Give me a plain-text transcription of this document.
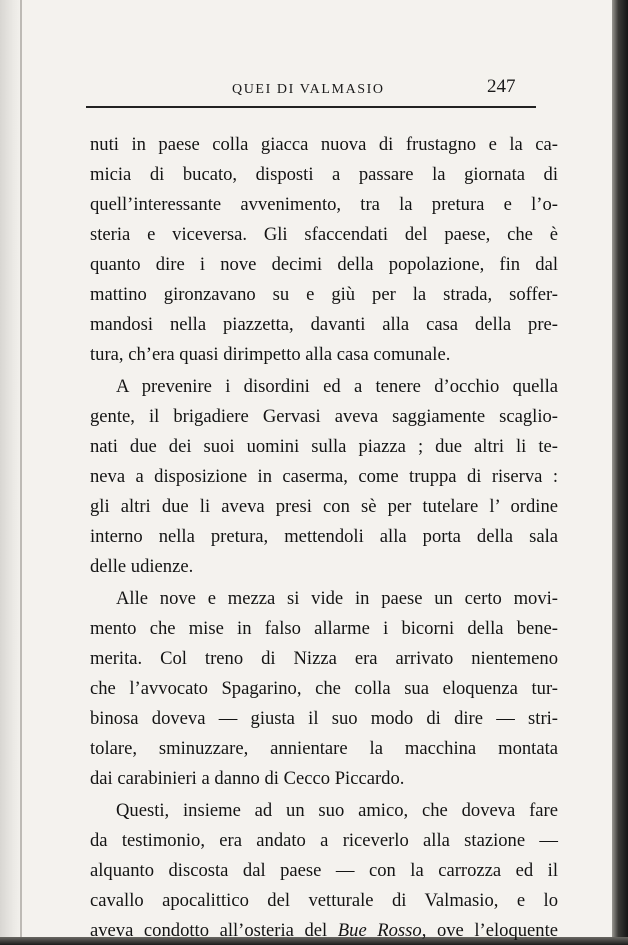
QUEI DI VALMASIO	247
nuti in paese colla giacca nuova di frustagno e la ca-
micia di bucato, disposti a passare la giornata di
quell’interessante avvenimento, tra la pretura e l’o-
steria e viceversa. Gli sfaccendati del paese, che è
quanto dire i nove decimi della popolazione, fin dal
mattino gironzavano su e giù per la strada, soffer-
mandosi nella piazzetta, davanti alla casa della pre-
tura, ch’era quasi dirimpetto alla casa comunale.
A prevenire i disordini ed a tenere d’occhio quella
gente, il brigadiere Gervasi aveva saggiamente scaglio-
nati due dei suoi uomini sulla piazza ; due altri li te-
neva a disposizione in caserma, come truppa di riserva :
gli altri due li aveva presi con sè per tutelare l’ ordine
interno nella pretura, mettendoli alla porta della sala
delle udienze.
Alle nove e mezza si vide in paese un certo movi-
mento che mise in falso allarme i bicorni della bene-
merita. Col treno di Nizza era arrivato nientemeno
che l’avvocato Spagarino, che colla sua eloquenza tur-
binosa doveva — giusta il suo modo di dire — stri-
tolare, sminuzzare, annientare la macchina montata
dai carabinieri a danno di Cecco Piccardo.
Questi, insieme ad un suo amico, che doveva fare
da testimonio, era andato a riceverlo alla stazione —
alquanto discosta dal paese — con la carrozza ed il
cavallo apocalittico del vetturale di Valmasio, e lo
aveva condotto all’osteria del Bue Rosso, ove l’eloquente
